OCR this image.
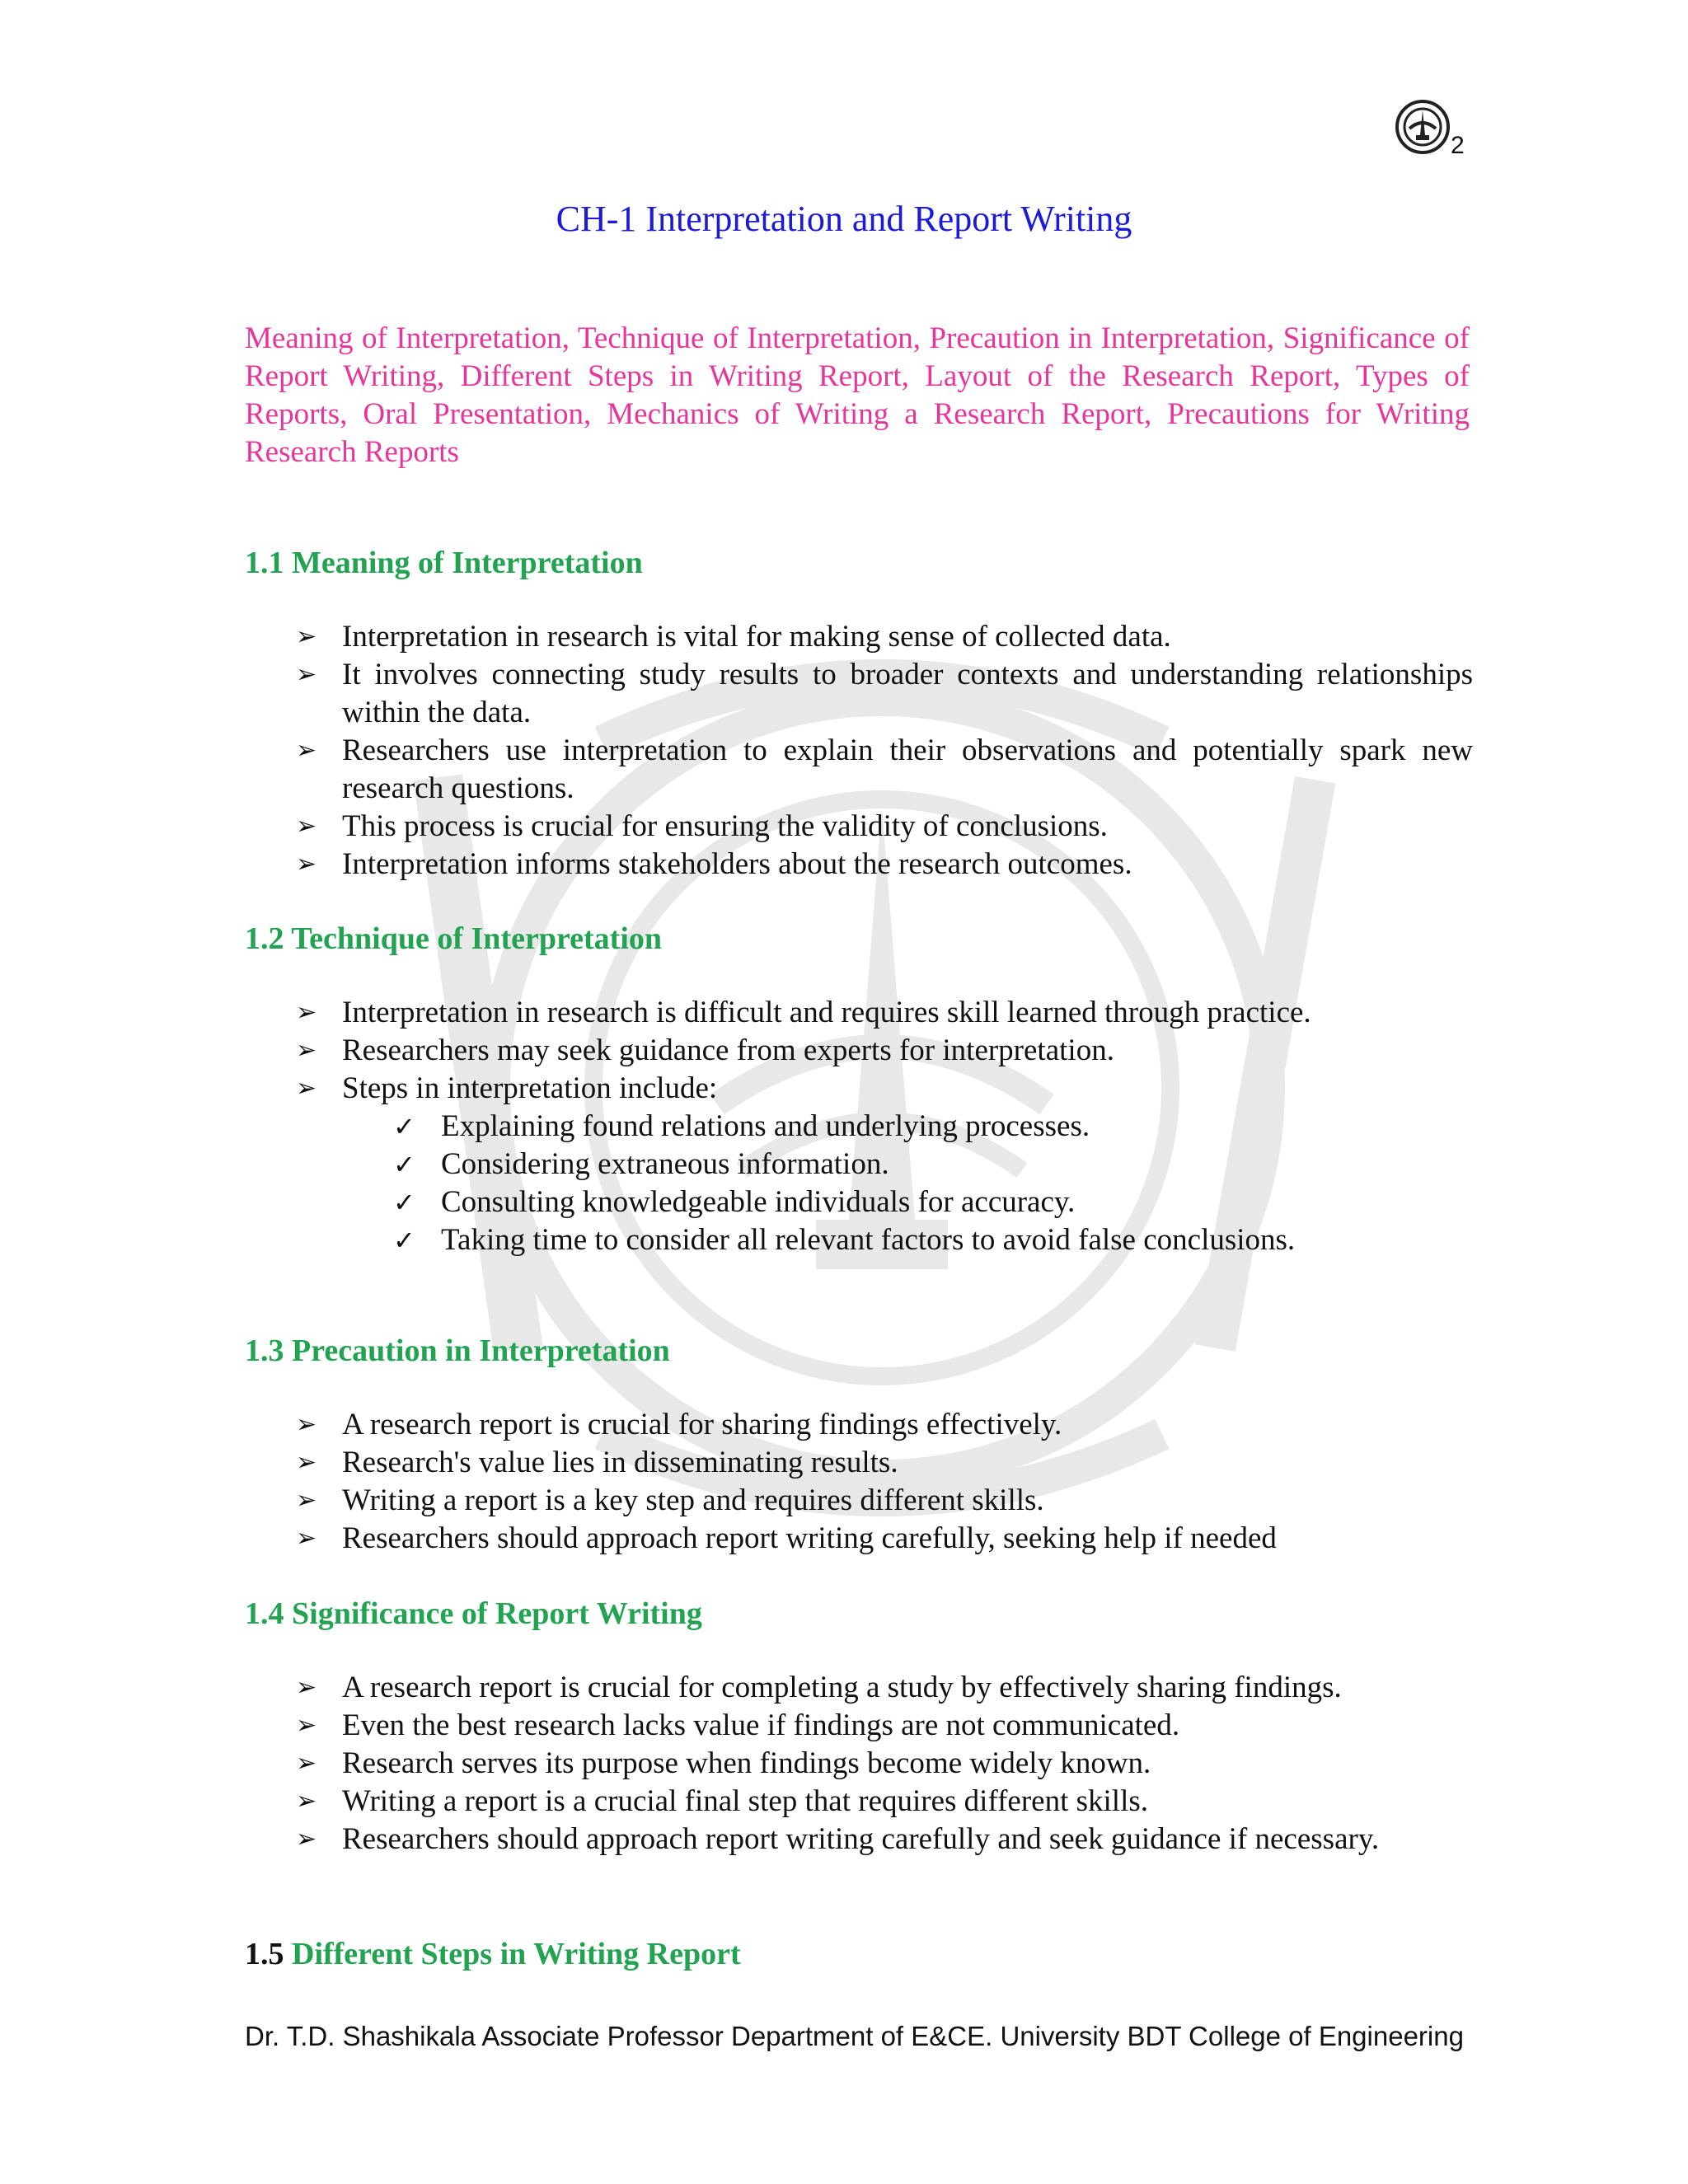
2
CH-1 Interpretation and Report Writing
Meaning of Interpretation, Technique of Interpretation, Precaution in Interpretation, Significance of Report Writing, Different Steps in Writing Report, Layout of the Research Report, Types of Reports, Oral Presentation, Mechanics of Writing a Research Report, Precautions for Writing Research Reports
1.1 Meaning of Interpretation
➢ Interpretation in research is vital for making sense of collected data.
➢ It involves connecting study results to broader contexts and understanding relationships within the data.
➢ Researchers use interpretation to explain their observations and potentially spark new research questions.
➢ This process is crucial for ensuring the validity of conclusions.
➢ Interpretation informs stakeholders about the research outcomes.
1.2 Technique of Interpretation
➢ Interpretation in research is difficult and requires skill learned through practice.
➢ Researchers may seek guidance from experts for interpretation.
➢ Steps in interpretation include:
✓ Explaining found relations and underlying processes.
✓ Considering extraneous information.
✓ Consulting knowledgeable individuals for accuracy.
✓ Taking time to consider all relevant factors to avoid false conclusions.
1.3 Precaution in Interpretation
➢ A research report is crucial for sharing findings effectively.
➢ Research's value lies in disseminating results.
➢ Writing a report is a key step and requires different skills.
➢ Researchers should approach report writing carefully, seeking help if needed
1.4 Significance of Report Writing
➢ A research report is crucial for completing a study by effectively sharing findings.
➢ Even the best research lacks value if findings are not communicated.
➢ Research serves its purpose when findings become widely known.
➢ Writing a report is a crucial final step that requires different skills.
➢ Researchers should approach report writing carefully and seek guidance if necessary.
1.5 Different Steps in Writing Report
Dr. T.D. Shashikala Associate Professor Department of E&CE. University BDT College of Engineering
